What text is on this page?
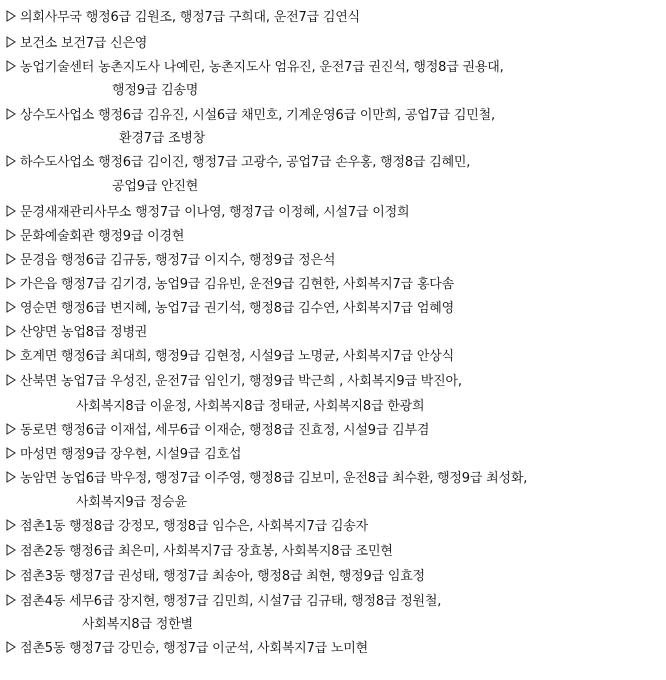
의회사무국 행정6급 김원조, 행정7급 구희대, 운전7급 김연식
보건소 보건7급 신은영
농업기술센터 농촌지도사 나예린, 농촌지도사 엄유진, 운전7급 권진석, 행정8급 권용대,
행정9급 김송명
상수도사업소 행정6급 김유진, 시설6급 채민호, 기계운영6급 이만희, 공업7급 김민철,
환경7급 조병창
하수도사업소 행정6급 김이진, 행정7급 고광수, 공업7급 손우홍, 행정8급 김혜민,
공업9급 안진현
문경새재관리사무소 행정7급 이나영, 행정7급 이정혜, 시설7급 이정희
문화예술회관 행정9급 이경현
문경읍 행정6급 김규동, 행정7급 이지수, 행정9급 정은석
가은읍 행정7급 김기경, 농업9급 김유빈, 운전9급 김현한, 사회복지7급 홍다솜
영순면 행정6급 변지혜, 농업7급 권기석, 행정8급 김수연, 사회복지7급 엄혜영
산양면 농업8급 정병권
호계면 행정6급 최대희, 행정9급 김현정, 시설9급 노명균, 사회복지7급 안상식
산북면 농업7급 우성진, 운전7급 임인기, 행정9급 박근희 , 사회복지9급 박진아,
사회복지8급 이윤정, 사회복지8급 정태균, 사회복지8급 한광희
동로면 행정6급 이재섭, 세무6급 이재순, 행정8급 진효정, 시설9급 김부겸
마성면 행정9급 장우현, 시설9급 김호섭
농암면 농업6급 박우정, 행정7급 이주영, 행정8급 김보미, 운전8급 최수환, 행정9급 최성화,
사회복지9급 정승윤
점촌1동 행정8급 강정모, 행정8급 임수은, 사회복지7급 김송자
점촌2동 행정6급 최은미, 사회복지7급 장효봉, 사회복지8급 조민현
점촌3동 행정7급 권성태, 행정7급 최송아, 행정8급 최현, 행정9급 임효정
점촌4동 세무6급 장지현, 행정7급 김민희, 시설7급 김규태, 행정8급 정원철,
사회복지8급 정한별
점촌5동 행정7급 강민승, 행정7급 이군석, 사회복지7급 노미현
